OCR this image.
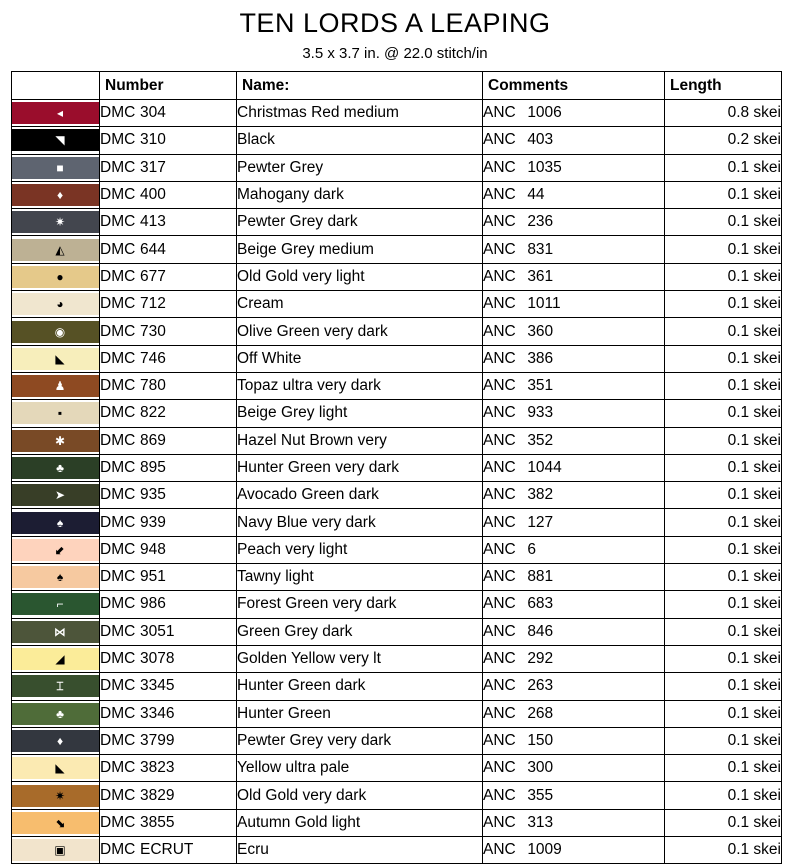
TEN LORDS A LEAPING
3.5 x 3.7 in. @ 22.0 stitch/in
	Number	Name:	Comments	Length

◂	DMC 304	Christmas Red medium	ANC 1006	0.8 skei

◥	DMC 310	Black	ANC 403	0.2 skei

■	DMC 317	Pewter Grey	ANC 1035	0.1 skei

♦	DMC 400	Mahogany dark	ANC 44	0.1 skei

✷	DMC 413	Pewter Grey dark	ANC 236	0.1 skei

◭	DMC 644	Beige Grey medium	ANC 831	0.1 skei

●	DMC 677	Old Gold very light	ANC 361	0.1 skei

◕	DMC 712	Cream	ANC 1011	0.1 skei

◉	DMC 730	Olive Green very dark	ANC 360	0.1 skei

◣	DMC 746	Off White	ANC 386	0.1 skei

♟	DMC 780	Topaz ultra very dark	ANC 351	0.1 skei

▪	DMC 822	Beige Grey light	ANC 933	0.1 skei

✱	DMC 869	Hazel Nut Brown very	ANC 352	0.1 skei

♣	DMC 895	Hunter Green very dark	ANC 1044	0.1 skei

➤	DMC 935	Avocado Green dark	ANC 382	0.1 skei

♠	DMC 939	Navy Blue very dark	ANC 127	0.1 skei

⬋	DMC 948	Peach very light	ANC 6	0.1 skei

♠	DMC 951	Tawny light	ANC 881	0.1 skei

⌐	DMC 986	Forest Green very dark	ANC 683	0.1 skei

⋈	DMC 3051	Green Grey dark	ANC 846	0.1 skei

◢	DMC 3078	Golden Yellow very lt	ANC 292	0.1 skei

⌶	DMC 3345	Hunter Green dark	ANC 263	0.1 skei

♣	DMC 3346	Hunter Green	ANC 268	0.1 skei

♦	DMC 3799	Pewter Grey very dark	ANC 150	0.1 skei

◣	DMC 3823	Yellow ultra pale	ANC 300	0.1 skei

✷	DMC 3829	Old Gold very dark	ANC 355	0.1 skei

⬊	DMC 3855	Autumn Gold light	ANC 313	0.1 skei

▣	DMC ECRUT	Ecru	ANC 1009	0.1 skei
